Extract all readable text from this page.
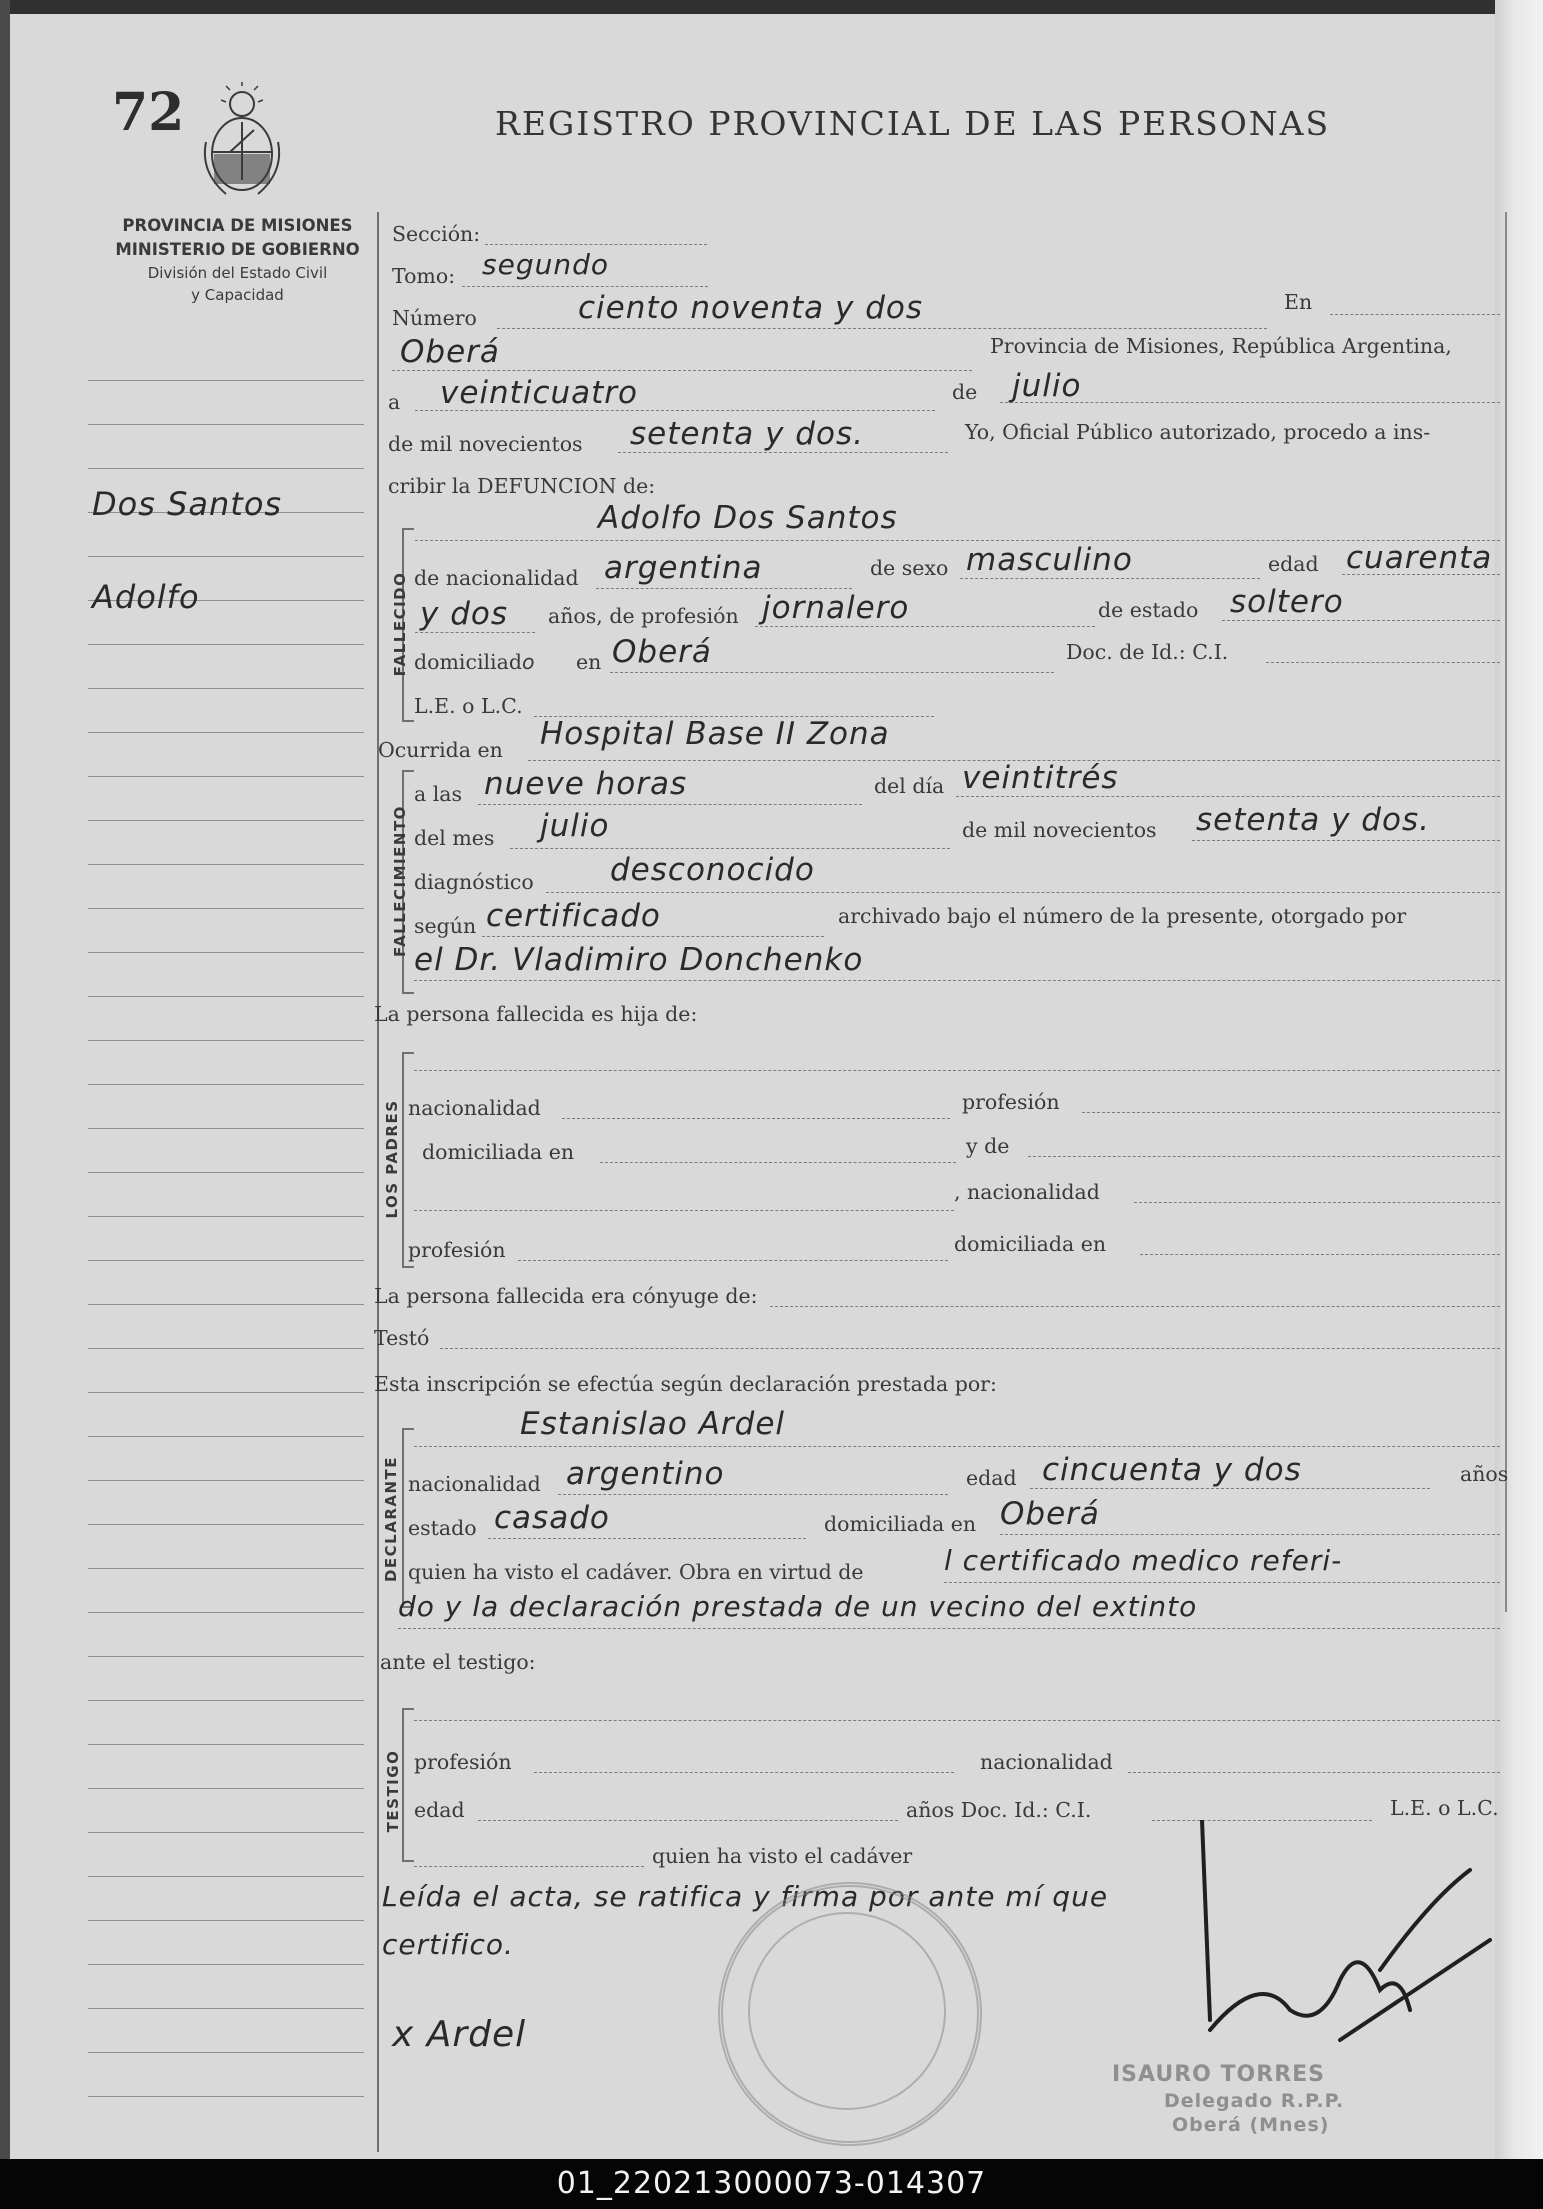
72	REGISTRO PROVINCIAL DE LAS PERSONAS
PROVINCIA DE MISIONES
MINISTERIO DE GOBIERNO
División del Estado Civil
y Capacidad
Dos Santos
Adolfo
Sección:
Tomo: segundo
Número	ciento noventa y dos	En
Oberá	Provincia de Misiones, República Argentina,
a veinticuatro	de julio
de mil novecientos setenta y dos.	Yo, Oficial Público autorizado, procedo a ins-
cribir la DEFUNCION de:
FALLECIDO
Adolfo Dos Santos
de nacionalidad argentina	de sexo masculino	edad cuarenta
y dos años, de profesión jornalero	de estado soltero
domiciliado en Oberá	Doc. de Id.: C.I.
L.E. o L.C.
Ocurrida en Hospital Base II Zona
FALLECIMIENTO
a las nueve horas	del día veintitrés
del mes julio	de mil novecientos setenta y dos.
diagnóstico desconocido
según certificado	archivado bajo el número de la presente, otorgado por
el Dr. Vladimiro Donchenko
La persona fallecida es hija de:
LOS PADRES nacionalidad	profesión
domiciliada en	y de
, nacionalidad
profesión	domiciliada en
La persona fallecida era cónyuge de:
Testó
Esta inscripción se efectúa según declaración prestada por:
DECLARANTE
Estanislao Ardel
nacionalidad argentino	edad cincuenta y dos	años
estado casado	domiciliada en Oberá
quien ha visto el cadáver. Obra en virtud de	l certificado medico referi-
do y la declaración prestada de un vecino del extinto
ante el testigo:
TESTIGO profesión	nacionalidad
edad	años Doc. Id.: C.I.	L.E. o L.C.
quien ha visto el cadáver
Leída el acta, se ratifica y firma por ante mí que
certifico.
x Ardel
ISAURO TORRES
Delegado R.P.P.
Oberá (Mnes)
01_220213000073-014307
